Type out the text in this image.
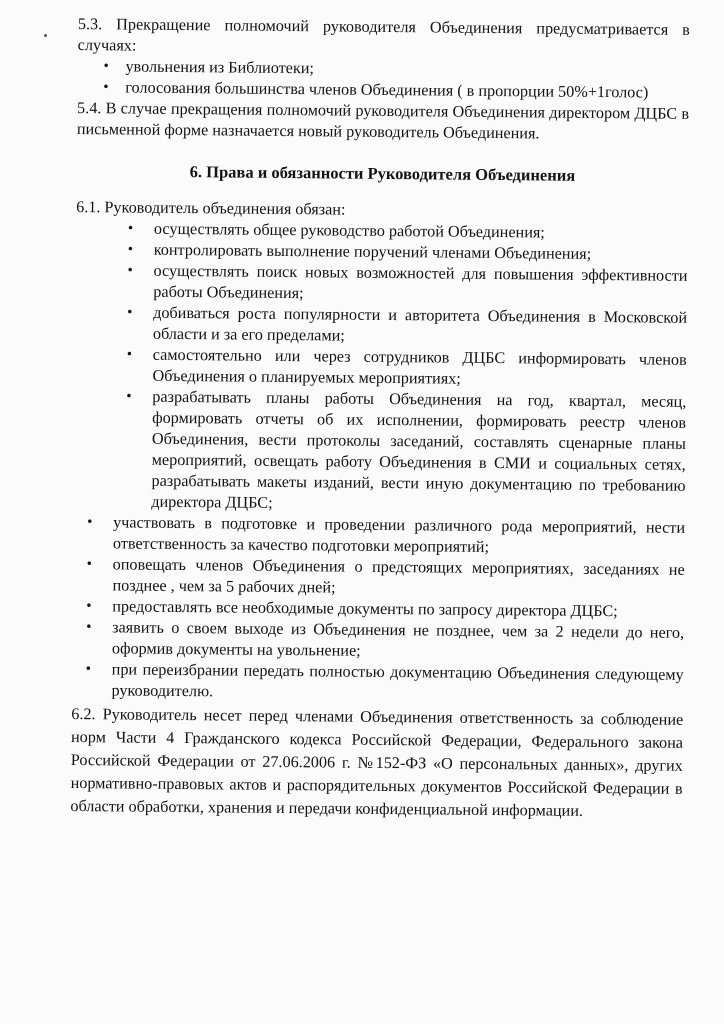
5.3. Прекращение полномочий руководителя Объединения предусматривается в случаях:

• увольнения из Библиотеки;
• голосования большинства членов Объединения ( в пропорции 50%+1голос)

5.4. В случае прекращения полномочий руководителя Объединения директором ДЦБС в письменной форме назначается новый руководитель Объединения.

6. Права и обязанности Руководителя Объединения

6.1. Руководитель объединения обязан:

• осуществлять общее руководство работой Объединения;
• контролировать выполнение поручений членами Объединения;
• осуществлять поиск новых возможностей для повышения эффективности работы Объединения;
• добиваться роста популярности и авторитета Объединения в Московской области и за его пределами;
• самостоятельно или через сотрудников ДЦБС информировать членов Объединения о планируемых мероприятиях;
• разрабатывать планы работы Объединения на год, квартал, месяц, формировать отчеты об их исполнении, формировать реестр членов Объединения, вести протоколы заседаний, составлять сценарные планы мероприятий, освещать работу Объединения в СМИ и социальных сетях, разрабатывать макеты изданий, вести иную документацию по требованию директора ДЦБС;
• участвовать в подготовке и проведении различного рода мероприятий, нести ответственность за качество подготовки мероприятий;
• оповещать членов Объединения о предстоящих мероприятиях, заседаниях не позднее , чем за 5 рабочих дней;
• предоставлять все необходимые документы по запросу директора ДЦБС;
• заявить о своем выходе из Объединения не позднее, чем за 2 недели до него, оформив документы на увольнение;
• при переизбрании передать полностью документацию Объединения следующему руководителю.

6.2. Руководитель несет перед членами Объединения ответственность за соблюдение норм Части 4 Гражданского кодекса Российской Федерации, Федерального закона Российской Федерации от 27.06.2006 г. №152-ФЗ «О персональных данных», других нормативно-правовых актов и распорядительных документов Российской Федерации в области обработки, хранения и передачи конфиденциальной информации.
